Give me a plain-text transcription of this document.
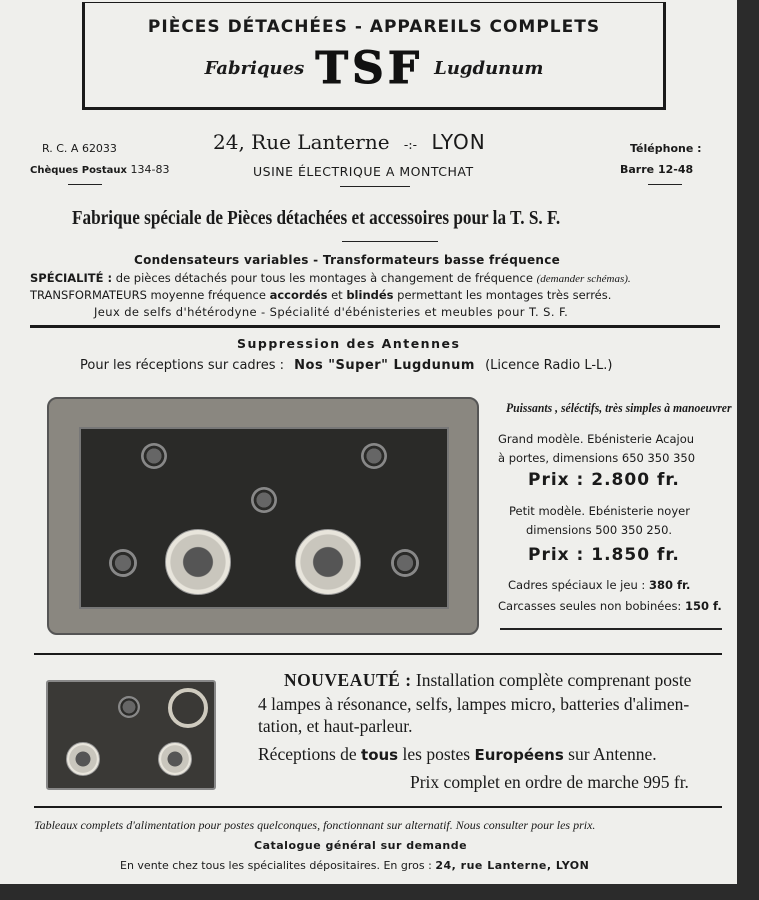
PIÈCES DÉTACHÉES - APPAREILS COMPLETS
Fabriques TSF Lugdunum
R. C. A 62033
Chèques Postaux 134-83
24, Rue Lanterne -:- LYON
USINE ÉLECTRIQUE A MONTCHAT
Téléphone :
Barre 12-48
Fabrique spéciale de Pièces détachées et accessoires pour la T. S. F.
Condensateurs variables - Transformateurs basse fréquence
SPÉCIALITÉ : de pièces détachés pour tous les montages à changement de fréquence (demander schémas).
TRANSFORMATEURS moyenne fréquence accordés et blindés permettant les montages très serrés.
Jeux de selfs d'hétérodyne - Spécialité d'ébénisteries et meubles pour T. S. F.
Suppression des Antennes
Pour les réceptions sur cadres : Nos "Super" Lugdunum (Licence Radio L-L.)
Puissants , séléctifs, très simples à manoeuvrer
Grand modèle. Ebénisterie Acajou
à portes, dimensions 650 350 350
Prix : 2.800 fr.
Petit modèle. Ebénisterie noyer
dimensions 500 350 250.
Prix : 1.850 fr.
Cadres spéciaux le jeu : 380 fr.
Carcasses seules non bobinées: 150 f.
NOUVEAUTÉ : Installation complète comprenant poste
4 lampes à résonance, selfs, lampes micro, batteries d'alimen-
tation, et haut-parleur.
Réceptions de tous les postes Européens sur Antenne.
Prix complet en ordre de marche 995 fr.
Tableaux complets d'alimentation pour postes quelconques, fonctionnant sur alternatif. Nous consulter pour les prix.
Catalogue général sur demande
En vente chez tous les spécialites dépositaires. En gros : 24, rue Lanterne, LYON
